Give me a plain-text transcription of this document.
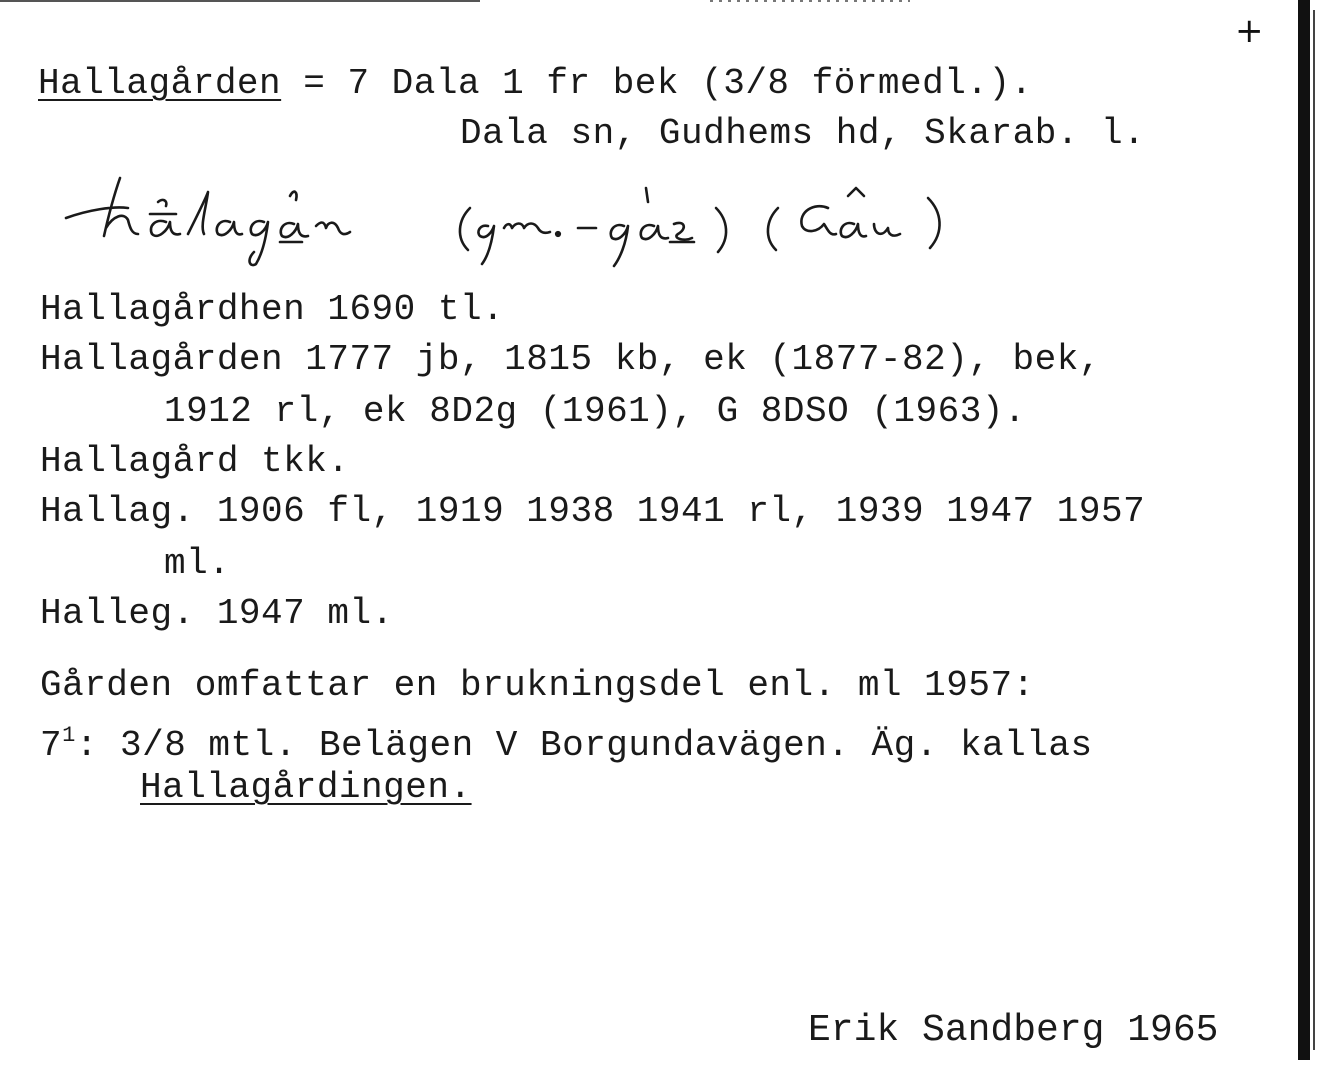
+
Hallagården = 7 Dala 1 fr bek (3/8 förmedl.).
Dala sn, Gudhems hd, Skarab. l.
Hallagårdhen 1690 tl.
Hallagården 1777 jb, 1815 kb, ek (1877-82), bek,
1912 rl, ek 8D2g (1961), G 8DSO (1963).
Hallagård tkk.
Hallag. 1906 fl, 1919 1938 1941 rl, 1939 1947 1957
ml.
Halleg. 1947 ml.
Gården omfattar en brukningsdel enl. ml 1957:
$7^1$: 3/8 mtl. Belägen V Borgundavägen. Äg. kallas
Hallagårdingen.
Erik Sandberg 1965
